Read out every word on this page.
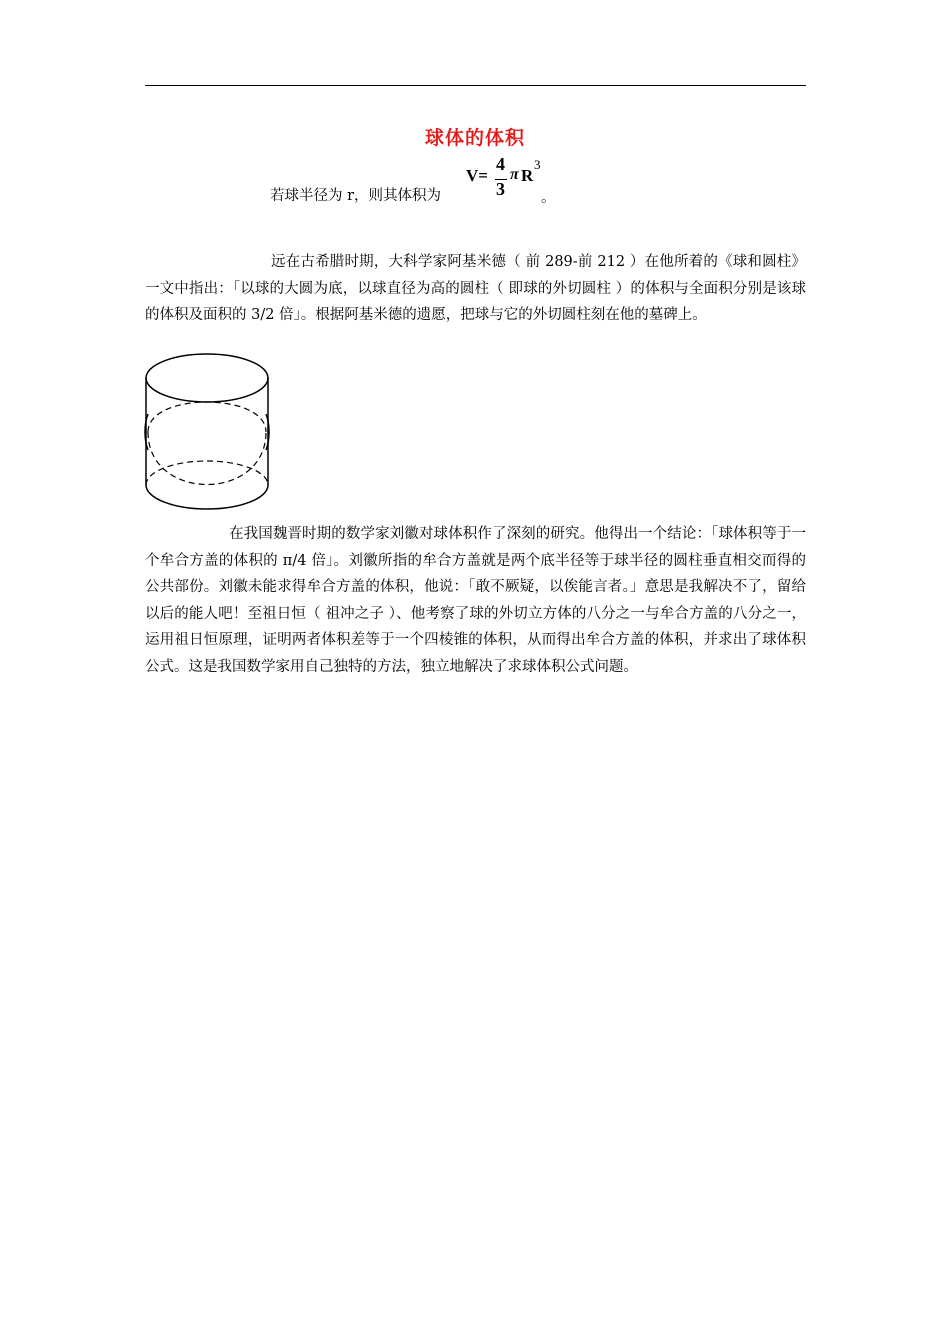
球体的体积
若球半径为 r，则其体积为
V=
4
3
π R
3
。

远在古希腊时期，大科学家阿基米德（ 前 289-前 212 ）在他所着的《球和圆柱》一文中指出：「以球的大圆为底，以球直径为高的圆柱（ 即球的外切圆柱 ）的体积与全面积分别是该球的体积及面积的 3/2 倍」。根据阿基米德的遗愿，把球与它的外切圆柱刻在他的墓碑上。

在我国魏晋时期的数学家刘徽对球体积作了深刻的研究。他得出一个结论：「球体积等于一个牟合方盖的体积的 π/4 倍」。刘徽所指的牟合方盖就是两个底半径等于球半径的圆柱垂直相交而得的公共部份。刘徽未能求得牟合方盖的体积，他说：「敢不厥疑，以俟能言者。」意思是我解决不了，留给以后的能人吧！至祖日恒（ 祖冲之子 ）、他考察了球的外切立方体的八分之一与牟合方盖的八分之一，运用祖日恒原理，证明两者体积差等于一个四棱锥的体积，从而得出牟合方盖的体积，并求出了球体积公式。这是我国数学家用自己独特的方法，独立地解决了求球体积公式问题。
